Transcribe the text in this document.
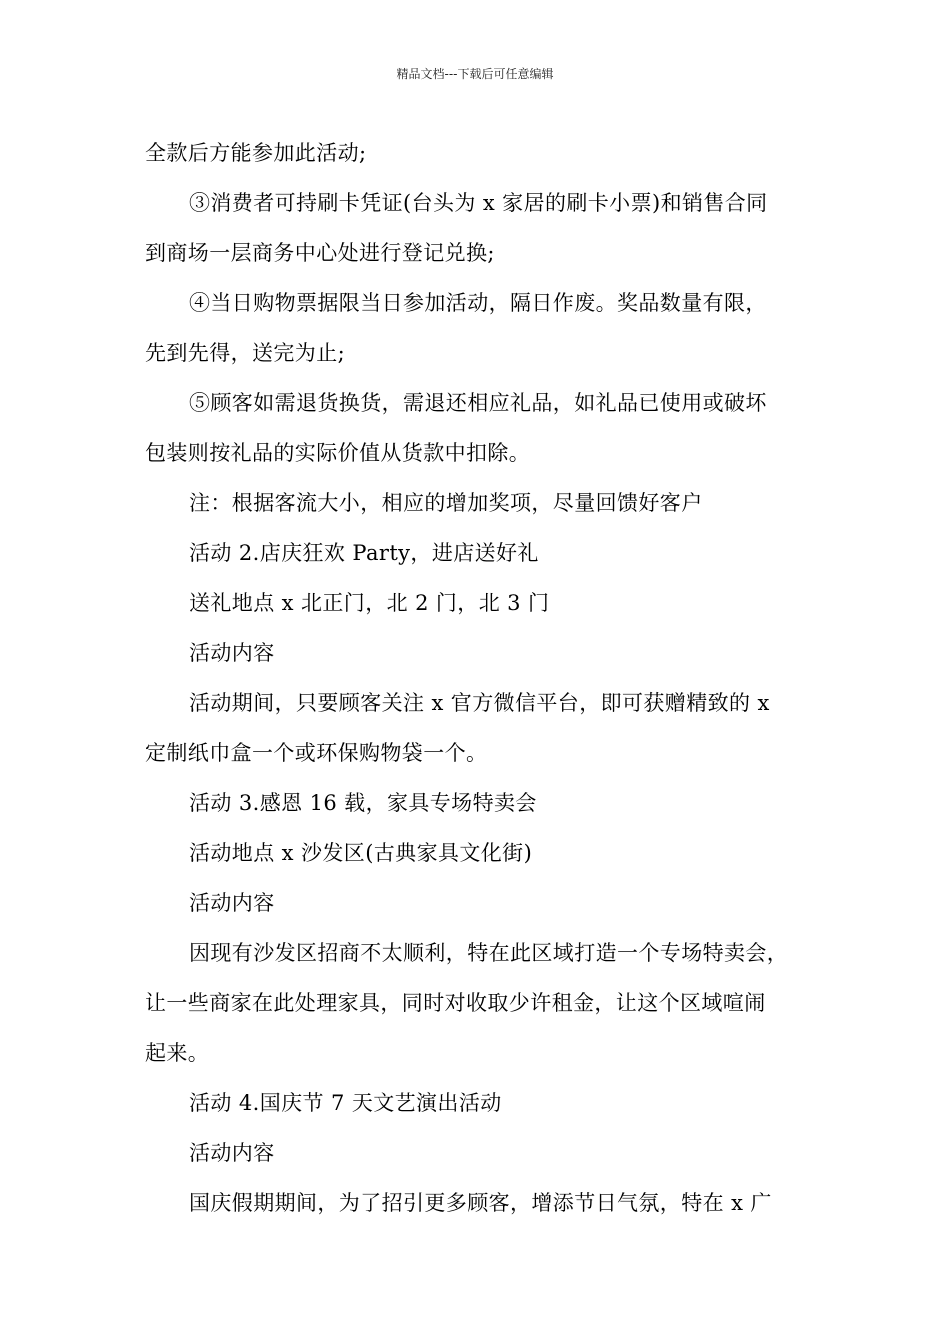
精品文档---下载后可任意编辑
全款后方能参加此活动;
③消费者可持刷卡凭证(台头为 x 家居的刷卡小票)和销售合同
到商场一层商务中心处进行登记兑换;
④当日购物票据限当日参加活动，隔日作废。奖品数量有限，
先到先得，送完为止;
⑤顾客如需退货换货，需退还相应礼品，如礼品已使用或破坏
包装则按礼品的实际价值从货款中扣除。
注：根据客流大小，相应的增加奖项，尽量回馈好客户
活动 2.店庆狂欢 Party，进店送好礼
送礼地点 x 北正门，北 2 门，北 3 门
活动内容
活动期间，只要顾客关注 x 官方微信平台，即可获赠精致的 x
定制纸巾盒一个或环保购物袋一个。
活动 3.感恩 16 载，家具专场特卖会
活动地点 x 沙发区(古典家具文化街)
活动内容
因现有沙发区招商不太顺利，特在此区域打造一个专场特卖会，
让一些商家在此处理家具，同时对收取少许租金，让这个区域喧闹
起来。
活动 4.国庆节 7 天文艺演出活动
活动内容
国庆假期期间，为了招引更多顾客，增添节日气氛，特在 x 广
